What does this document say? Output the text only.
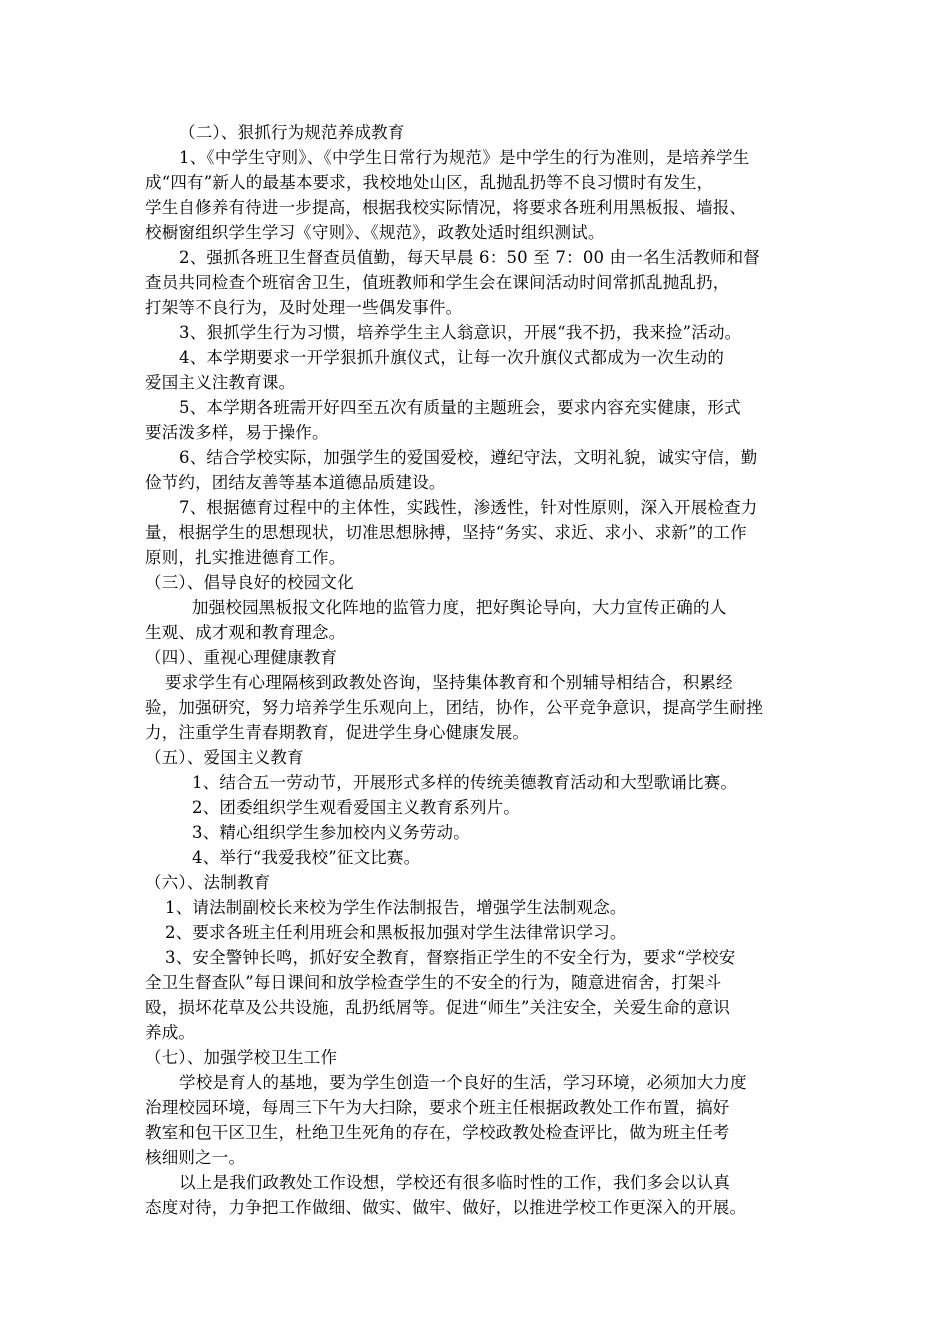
（二）、狠抓行为规范养成教育
1、《中学生守则》、《中学生日常行为规范》是中学生的行为准则，是培养学生
成“四有”新人的最基本要求，我校地处山区，乱抛乱扔等不良习惯时有发生，
学生自修养有待进一步提高，根据我校实际情况，将要求各班利用黑板报、墙报、
校橱窗组织学生学习《守则》、《规范》，政教处适时组织测试。
2、强抓各班卫生督查员值勤，每天早晨 6：50 至 7：00 由一名生活教师和督
查员共同检查个班宿舍卫生，值班教师和学生会在课间活动时间常抓乱抛乱扔，
打架等不良行为，及时处理一些偶发事件。
3、狠抓学生行为习惯，培养学生主人翁意识，开展“我不扔，我来捡”活动。
4、本学期要求一开学狠抓升旗仪式，让每一次升旗仪式都成为一次生动的
爱国主义注教育课。
5、本学期各班需开好四至五次有质量的主题班会，要求内容充实健康，形式
要活泼多样，易于操作。
6、结合学校实际，加强学生的爱国爱校，遵纪守法，文明礼貌，诚实守信，勤
俭节约，团结友善等基本道德品质建设。
7、根据德育过程中的主体性，实践性，渗透性，针对性原则，深入开展检查力
量，根据学生的思想现状，切准思想脉搏，坚持“务实、求近、求小、求新”的工作
原则，扎实推进德育工作。
（三）、倡导良好的校园文化
加强校园黑板报文化阵地的监管力度，把好舆论导向，大力宣传正确的人
生观、成才观和教育理念。
（四）、重视心理健康教育
要求学生有心理隔核到政教处咨询，坚持集体教育和个别辅导相结合，积累经
验，加强研究，努力培养学生乐观向上，团结，协作，公平竞争意识，提高学生耐挫
力，注重学生青春期教育，促进学生身心健康发展。
（五）、爱国主义教育
1、结合五一劳动节，开展形式多样的传统美德教育活动和大型歌诵比赛。
2、团委组织学生观看爱国主义教育系列片。
3、精心组织学生参加校内义务劳动。
4、举行“我爱我校”征文比赛。
（六）、法制教育
1、请法制副校长来校为学生作法制报告，增强学生法制观念。
2、要求各班主任利用班会和黑板报加强对学生法律常识学习。
3、安全警钟长鸣，抓好安全教育，督察指正学生的不安全行为，要求“学校安
全卫生督查队”每日课间和放学检查学生的不安全的行为，随意进宿舍，打架斗
殴，损坏花草及公共设施，乱扔纸屑等。促进“师生”关注安全，关爱生命的意识
养成。
（七）、加强学校卫生工作
学校是育人的基地，要为学生创造一个良好的生活，学习环境，必须加大力度
治理校园环境，每周三下午为大扫除，要求个班主任根据政教处工作布置，搞好
教室和包干区卫生，杜绝卫生死角的存在，学校政教处检查评比，做为班主任考
核细则之一。
以上是我们政教处工作设想，学校还有很多临时性的工作，我们多会以认真
态度对待，力争把工作做细、做实、做牢、做好，以推进学校工作更深入的开展。
